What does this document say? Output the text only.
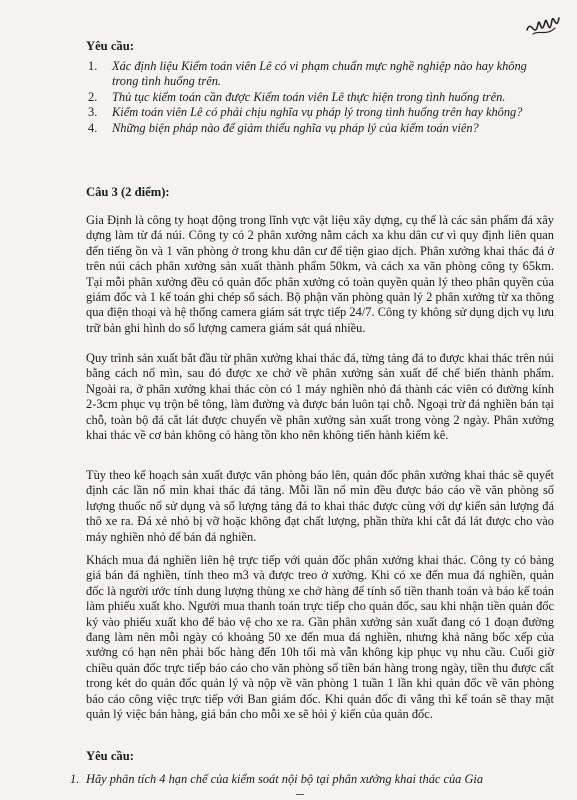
Yêu cầu:
1. Xác định liệu Kiểm toán viên Lê có vi phạm chuẩn mực nghề nghiệp nào hay không trong tình huống trên.
2. Thủ tục kiểm toán cần được Kiểm toán viên Lê thực hiện trong tình huống trên.
3. Kiểm toán viên Lê có phải chịu nghĩa vụ pháp lý trong tình huống trên hay không?
4. Những biện pháp nào để giảm thiểu nghĩa vụ pháp lý của kiểm toán viên?
Câu 3 (2 điểm):

Gia Định là công ty hoạt động trong lĩnh vực vật liệu xây dựng, cụ thể là các sản phẩm đá xây dựng làm từ đá núi. Công ty có 2 phân xưởng nằm cách xa khu dân cư vì quy định liên quan đến tiếng ồn và 1 văn phòng ở trong khu dân cư để tiện giao dịch. Phân xưởng khai thác đá ở trên núi cách phân xưởng sản xuất thành phẩm 50km, và cách xa văn phòng công ty 65km. Tại mỗi phân xưởng đều có quản đốc phân xưởng có toàn quyền quản lý theo phân quyền của giám đốc và 1 kế toán ghi chép sổ sách. Bộ phận văn phòng quản lý 2 phân xưởng từ xa thông qua điện thoại và hệ thống camera giám sát trực tiếp 24/7. Công ty không sử dụng dịch vụ lưu trữ bản ghi hình do số lượng camera giám sát quá nhiều.

Quy trình sản xuất bắt đầu từ phân xưởng khai thác đá, từng tảng đá to được khai thác trên núi bằng cách nổ mìn, sau đó được xe chở về phân xưởng sản xuất để chế biến thành phẩm. Ngoài ra, ở phân xưởng khai thác còn có 1 máy nghiền nhỏ đá thành các viên có đường kính 2-3cm phục vụ trộn bê tông, làm đường và được bán luôn tại chỗ. Ngoại trừ đá nghiền bán tại chỗ, toàn bộ đá cắt lát được chuyển về phân xưởng sản xuất trong vòng 2 ngày. Phân xưởng khai thác về cơ bản không có hàng tồn kho nên không tiến hành kiểm kê.

Tùy theo kế hoạch sản xuất được văn phòng báo lên, quản đốc phân xưởng khai thác sẽ quyết định các lần nổ mìn khai thác đá tảng. Mỗi lần nổ mìn đều được báo cáo về văn phòng số lượng thuốc nổ sử dụng và số lượng tảng đá to khai thác được cùng với dự kiến sản lượng đá thô xe ra. Đá xẻ nhỏ bị vỡ hoặc không đạt chất lượng, phần thừa khi cắt đá lát được cho vào máy nghiền nhỏ để bán đá nghiền.

Khách mua đá nghiền liên hệ trực tiếp với quản đốc phân xưởng khai thác. Công ty có bảng giá bán đá nghiền, tính theo m3 và được treo ở xưởng. Khi có xe đến mua đá nghiền, quản đốc là người ước tính dung lượng thùng xe chở hàng để tính số tiền thanh toán và báo kế toán làm phiếu xuất kho. Người mua thanh toán trực tiếp cho quản đốc, sau khi nhận tiền quản đốc ký vào phiếu xuất kho để bảo vệ cho xe ra. Gần phân xưởng sản xuất đang có 1 đoạn đường đang làm nên mỗi ngày có khoảng 50 xe đến mua đá nghiền, nhưng khả năng bốc xếp của xưởng có hạn nên phải bốc hàng đến 10h tối mà vẫn không kịp phục vụ nhu cầu. Cuối giờ chiều quản đốc trực tiếp báo cáo cho văn phòng số tiền bán hàng trong ngày, tiền thu được cất trong két do quản đốc quản lý và nộp về văn phòng 1 tuần 1 lần khi quản đốc về văn phòng báo cáo công việc trực tiếp với Ban giám đốc. Khi quản đốc đi vắng thì kế toán sẽ thay mặt quản lý việc bán hàng, giá bán cho mỗi xe sẽ hỏi ý kiến của quản đốc.

Yêu cầu:
1. Hãy phân tích 4 hạn chế của kiểm soát nội bộ tại phân xưởng khai thác của Gia
